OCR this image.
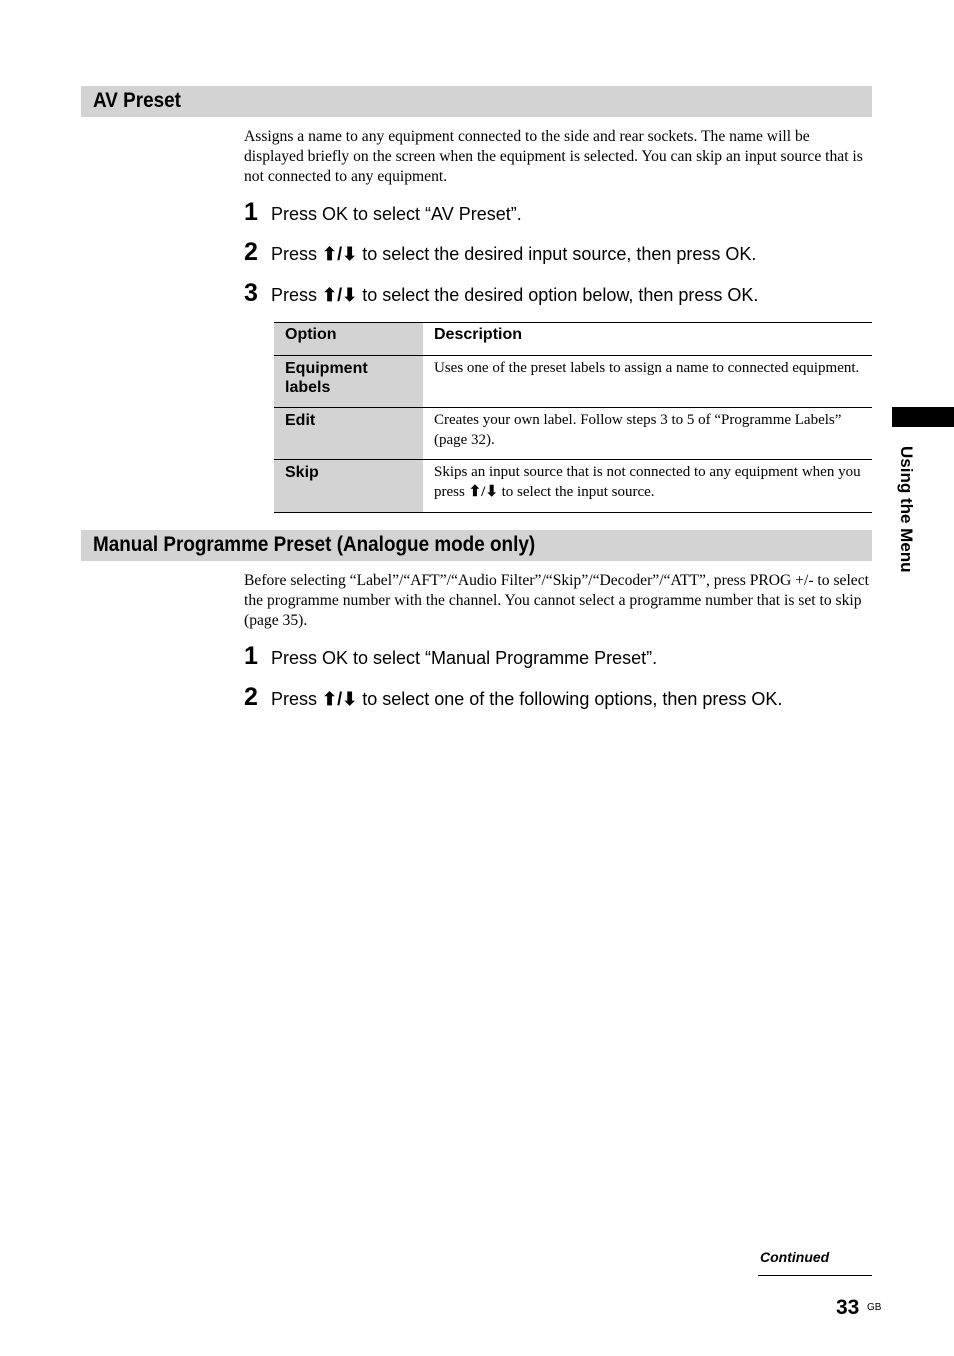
AV Preset

Assigns a name to any equipment connected to the side and rear sockets. The name will be displayed briefly on the screen when the equipment is selected. You can skip an input source that is not connected to any equipment.

1 Press OK to select “AV Preset”.
2 Press ⬆/⬇ to select the desired input source, then press OK.
3 Press ⬆/⬇ to select the desired option below, then press OK.
Option	Description
Equipment labels	Uses one of the preset labels to assign a name to connected equipment.
Edit	Creates your own label. Follow steps 3 to 5 of “Programme Labels” (page 32).
Skip	Skips an input source that is not connected to any equipment when you press ⬆/⬇ to select the input source.
Manual Programme Preset (Analogue mode only)

Before selecting “Label”/“AFT”/“Audio Filter”/“Skip”/“Decoder”/“ATT”, press PROG +/- to select the programme number with the channel. You cannot select a programme number that is set to skip (page 35).

1 Press OK to select “Manual Programme Preset”.
2 Press ⬆/⬇ to select one of the following options, then press OK.
Using the Menu
Continued
33 GB
